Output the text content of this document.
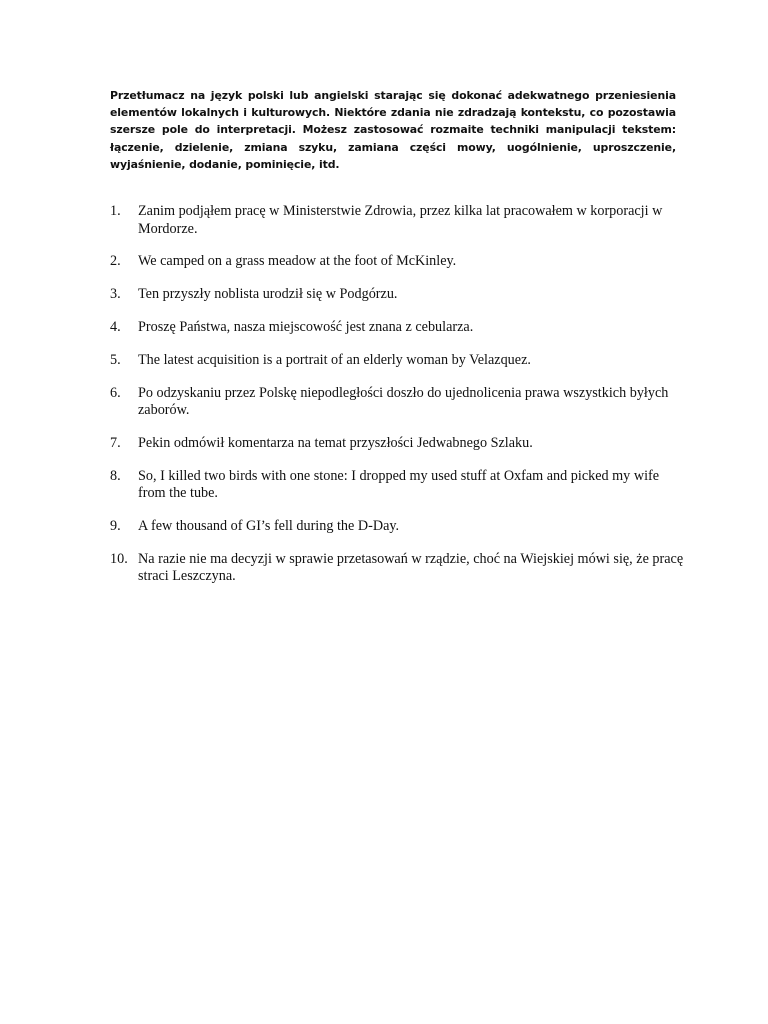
Przetłumacz na język polski lub angielski starając się dokonać adekwatnego przeniesienia elementów lokalnych i kulturowych. Niektóre zdania nie zdradzają kontekstu, co pozostawia szersze pole do interpretacji. Możesz zastosować rozmaite techniki manipulacji tekstem: łączenie, dzielenie, zmiana szyku, zamiana części mowy, uogólnienie, uproszczenie, wyjaśnienie, dodanie, pominięcie, itd.

1.	Zanim podjąłem pracę w Ministerstwie Zdrowia, przez kilka lat pracowałem w korporacji w Mordorze.
2.	We camped on a grass meadow at the foot of McKinley.
3.	Ten przyszły noblista urodził się w Podgórzu.
4.	Proszę Państwa, nasza miejscowość jest znana z cebularza.
5.	The latest acquisition is a portrait of an elderly woman by Velazquez.
6.	Po odzyskaniu przez Polskę niepodległości doszło do ujednolicenia prawa wszystkich byłych zaborów.
7.	Pekin odmówił komentarza na temat przyszłości Jedwabnego Szlaku.
8.	So, I killed two birds with one stone: I dropped my used stuff at Oxfam and picked my wife from the tube.
9.	A few thousand of GI’s fell during the D-Day.
10. Na razie nie ma decyzji w sprawie przetasowań w rządzie, choć na Wiejskiej mówi się, że pracę straci Leszczyna.
